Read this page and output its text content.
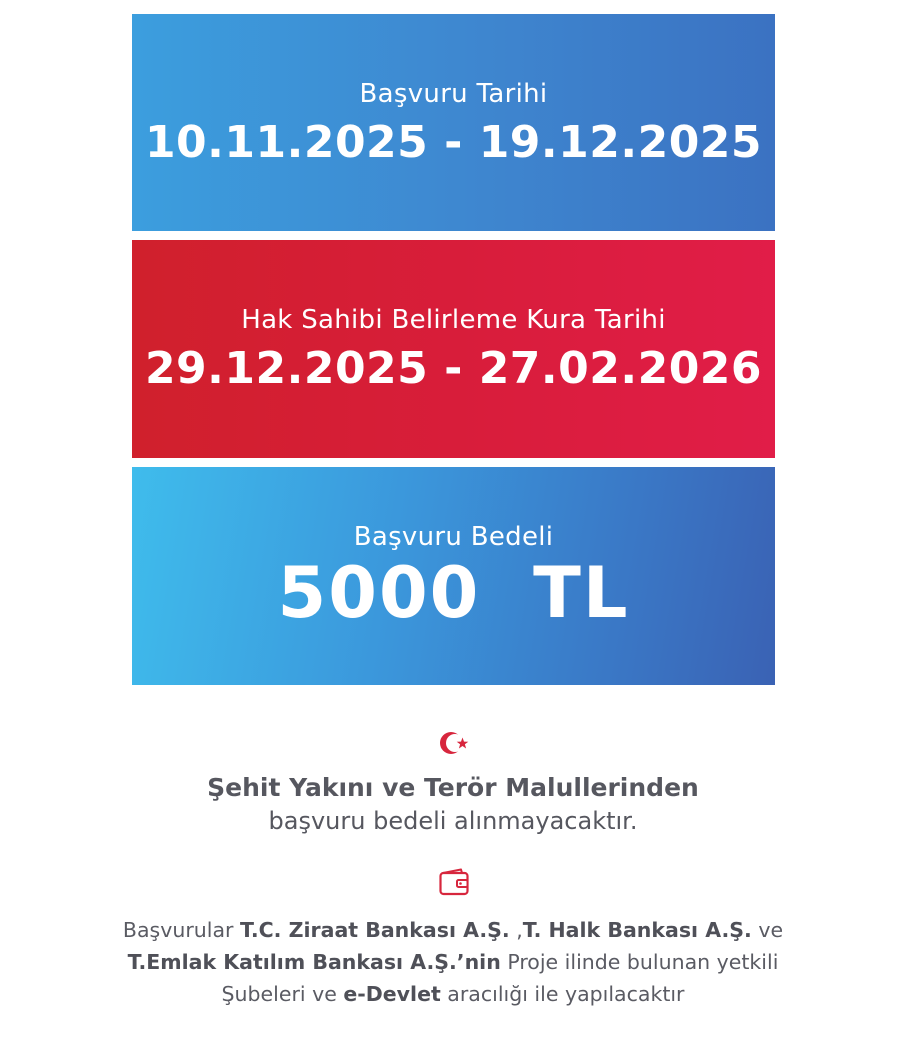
Başvuru Tarihi
10.11.2025 - 19.12.2025
Hak Sahibi Belirleme Kura Tarihi
29.12.2025 - 27.02.2026
Başvuru Bedeli
5000  TL
Şehit Yakını ve Terör Malullerinden
başvuru bedeli alınmayacaktır.
Başvurular T.C. Ziraat Bankası A.Ş. ,T. Halk Bankası A.Ş. ve
T.Emlak Katılım Bankası A.Ş.’nin Proje ilinde bulunan yetkili
Şubeleri ve e-Devlet aracılığı ile yapılacaktır
